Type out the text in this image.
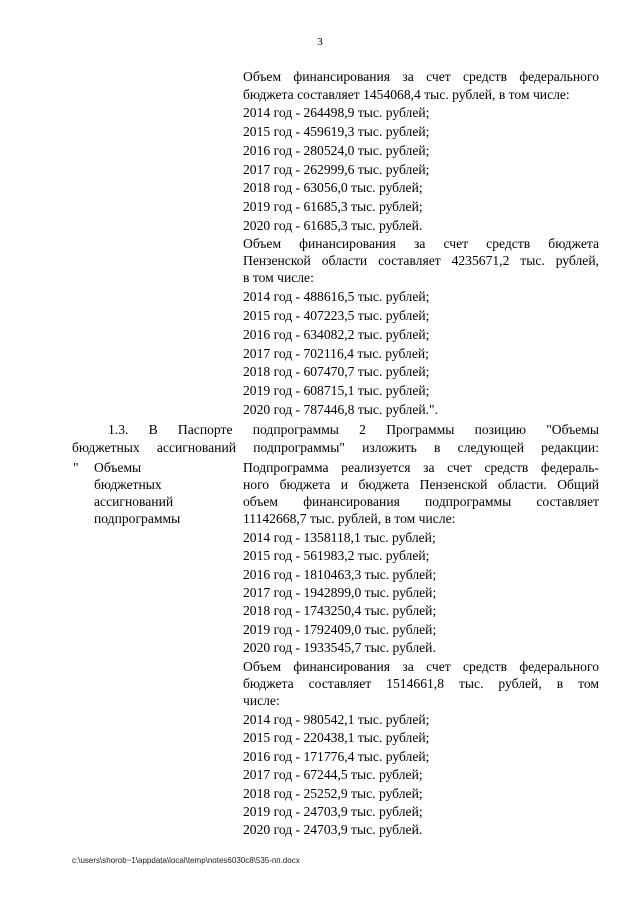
3
Объем финансирования за счет средств федерального
бюджета составляет 1454068,4 тыс. рублей, в том числе:
2014 год - 264498,9 тыс. рублей;
2015 год - 459619,3 тыс. рублей;
2016 год - 280524,0 тыс. рублей;
2017 год - 262999,6 тыс. рублей;
2018 год - 63056,0 тыс. рублей;
2019 год - 61685,3 тыс. рублей;
2020 год - 61685,3 тыс. рублей.
Объем финансирования за счет средств бюджета
Пензенской области составляет 4235671,2 тыс. рублей,
в том числе:
2014 год - 488616,5 тыс. рублей;
2015 год - 407223,5 тыс. рублей;
2016 год - 634082,2 тыс. рублей;
2017 год - 702116,4 тыс. рублей;
2018 год - 607470,7 тыс. рублей;
2019 год - 608715,1 тыс. рублей;
2020 год - 787446,8 тыс. рублей.".
1.3. В Паспорте подпрограммы 2 Программы позицию "Объемы
бюджетных ассигнований подпрограммы" изложить в следующей редакции:
" Объемы
бюджетных
ассигнований
подпрограммы
Подпрограмма реализуется за счет средств федераль-
ного бюджета и бюджета Пензенской области. Общий
объем финансирования подпрограммы составляет
11142668,7 тыс. рублей, в том числе:
2014 год - 1358118,1 тыс. рублей;
2015 год - 561983,2 тыс. рублей;
2016 год - 1810463,3 тыс. рублей;
2017 год - 1942899,0 тыс. рублей;
2018 год - 1743250,4 тыс. рублей;
2019 год - 1792409,0 тыс. рублей;
2020 год - 1933545,7 тыс. рублей.
Объем финансирования за счет средств федерального
бюджета составляет 1514661,8 тыс. рублей, в том
числе:
2014 год - 980542,1 тыс. рублей;
2015 год - 220438,1 тыс. рублей;
2016 год - 171776,4 тыс. рублей;
2017 год - 67244,5 тыс. рублей;
2018 год - 25252,9 тыс. рублей;
2019 год - 24703,9 тыс. рублей;
2020 год - 24703,9 тыс. рублей.
c:\users\shorob~1\appdata\local\temp\notes6030c8\535-пп.docx
